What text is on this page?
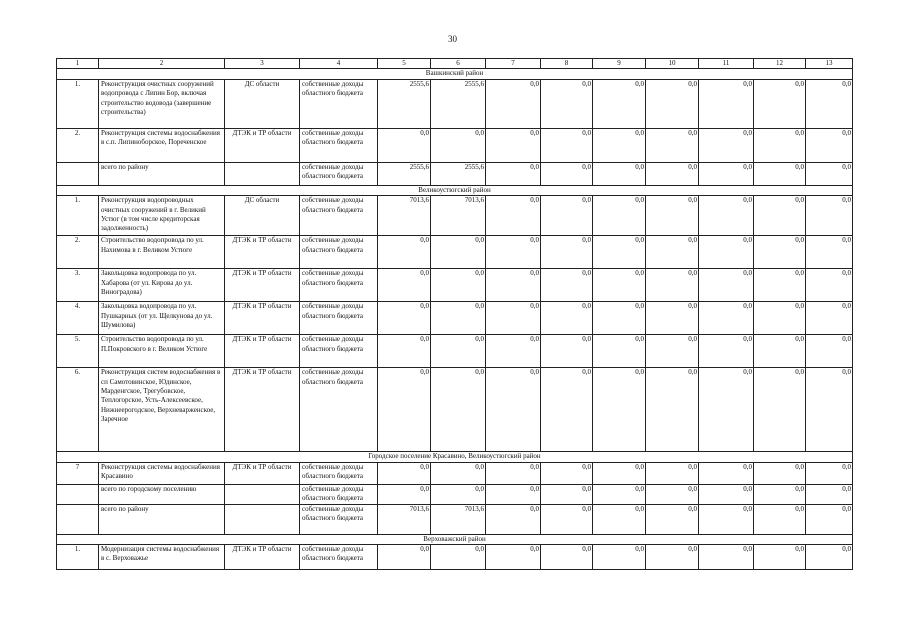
30
1	2	3	4	5	6	7	8	9	10	11	12	13
Вашкинский район												
1.	Реконструкция очистных сооружений водопровода с Липин Бор, включая строительство водовода (завершение строительства)	ДС области	собственные доходы областного бюджета	2555,6	2555,6	0,0	0,0	0,0	0,0	0,0	0,0	0,0
2.	Реконструкция системы водоснабжения в с.п. Липиноборское, Пореченское	ДТЭК и ТР области	собственные доходы областного бюджета	0,0	0,0	0,0	0,0	0,0	0,0	0,0	0,0	0,0
	всего по району		собственные доходы областного бюджета	2555,6	2555,6	0,0	0,0	0,0	0,0	0,0	0,0	0,0
Великоустюгский район												
1.	Реконструкция водопроводных очистных сооружений в г. Великий Устюг (в том числе кредиторская задолженность)	ДС области	собственные доходы областного бюджета	7013,6	7013,6	0,0	0,0	0,0	0,0	0,0	0,0	0,0
2.	Строительство водопровода по ул. Нахимова в г. Великом Устюге	ДТЭК и ТР области	собственные доходы областного бюджета	0,0	0,0	0,0	0,0	0,0	0,0	0,0	0,0	0,0
3.	Закольцовка водопровода по ул. Хабарова (от ул. Кирова до ул. Виноградова)	ДТЭК и ТР области	собственные доходы областного бюджета	0,0	0,0	0,0	0,0	0,0	0,0	0,0	0,0	0,0
4.	Закольцовка водопровода по ул. Пушкарных (от ул. Щелкунова до ул. Шумилова)	ДТЭК и ТР области	собственные доходы областного бюджета	0,0	0,0	0,0	0,0	0,0	0,0	0,0	0,0	0,0
5.	Строительство водопровода по ул. П.Покровского в г. Великом Устюге	ДТЭК и ТР области	собственные доходы областного бюджета	0,0	0,0	0,0	0,0	0,0	0,0	0,0	0,0	0,0
6.	Реконструкция систем водоснабжения в сп Самотовинское, Юдинское, Марденгское, Трегубовское, Теплогорское, Усть-Алексеевское, Нижнеерогодское, Верхневарженское, Заречное	ДТЭК и ТР области	собственные доходы областного бюджета	0,0	0,0	0,0	0,0	0,0	0,0	0,0	0,0	0,0
Городское поселение Красавино, Великоустюгский район												
7	Реконструкция системы водоснабжения Красавино	ДТЭК и ТР области	собственные доходы областного бюджета	0,0	0,0	0,0	0,0	0,0	0,0	0,0	0,0	0,0
	всего по городскому поселению		собственные доходы областного бюджета	0,0	0,0	0,0	0,0	0,0	0,0	0,0	0,0	0,0
	всего по району		собственные доходы областного бюджета	7013,6	7013,6	0,0	0,0	0,0	0,0	0,0	0,0	0,0
Верховажский район												
1.	Модернизация системы водоснабжения в с. Верховажье	ДТЭК и ТР области	собственные доходы областного бюджета	0,0	0,0	0,0	0,0	0,0	0,0	0,0	0,0	0,0
